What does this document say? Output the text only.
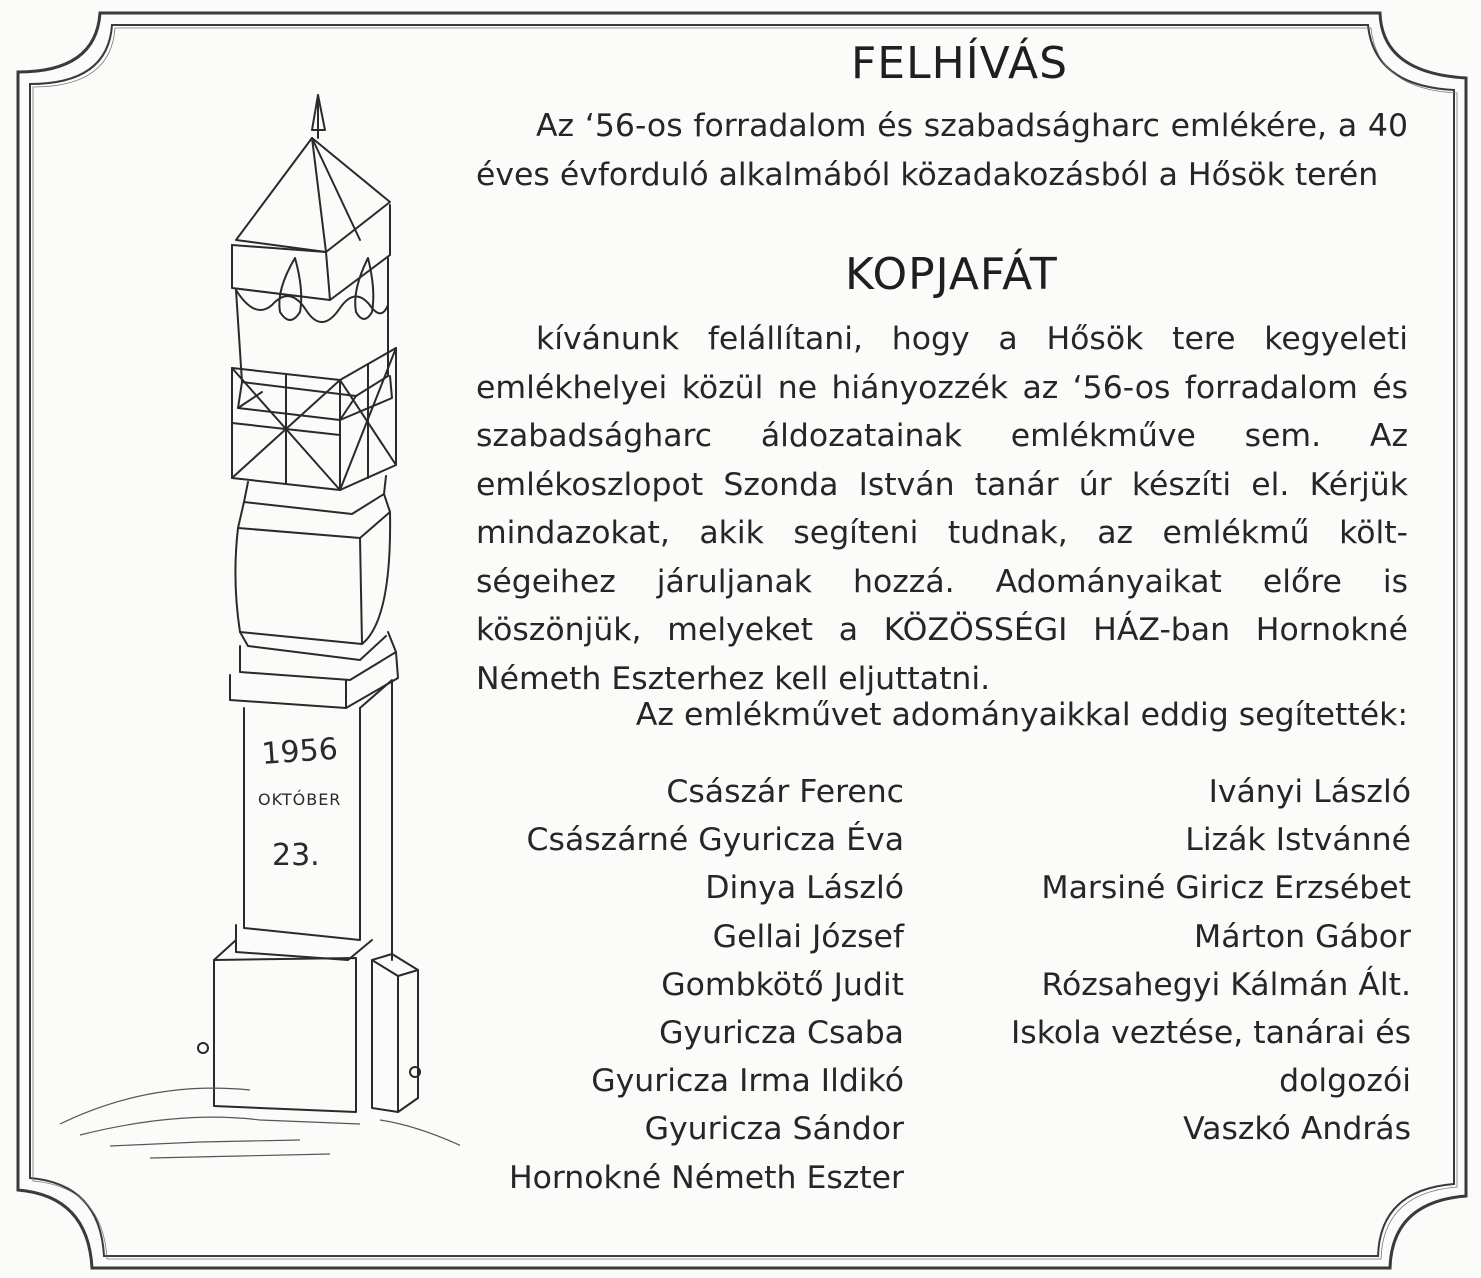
1956
OKTÓBER
23.
FELHÍVÁS

Az ‘56-os forradalom és szabadságharc emlékére, a 40 éves évforduló alkalmából közadakozásból a Hősök terén

KOPJAFÁT

kívánunk felállítani, hogy a Hősök tere kegyeleti emlékhelyei közül ne hiányozzék az ‘56-os forradalom és szabadságharc áldozatainak emlékműve sem. Az emlékoszlopot Szonda István tanár úr készíti el. Kérjük mindazokat, akik segíteni tudnak, az emlékmű költ-ségeihez járuljanak hozzá. Adományaikat előre is köszönjük, melyeket a KÖZÖSSÉGI HÁZ-ban Hornokné Németh Eszterhez kell eljuttatni.

Az emlékművet adományaikkal eddig segítették:

Császár Ferenc
Császárné Gyuricza Éva
Dinya László
Gellai József
Gombkötő Judit
Gyuricza Csaba
Gyuricza Irma Ildikó
Gyuricza Sándor
Hornokné Németh Eszter
Iványi László
Lizák Istvánné
Marsiné Giricz Erzsébet
Márton Gábor
Rózsahegyi Kálmán Ált.
Iskola veztése, tanárai és
dolgozói
Vaszkó András
